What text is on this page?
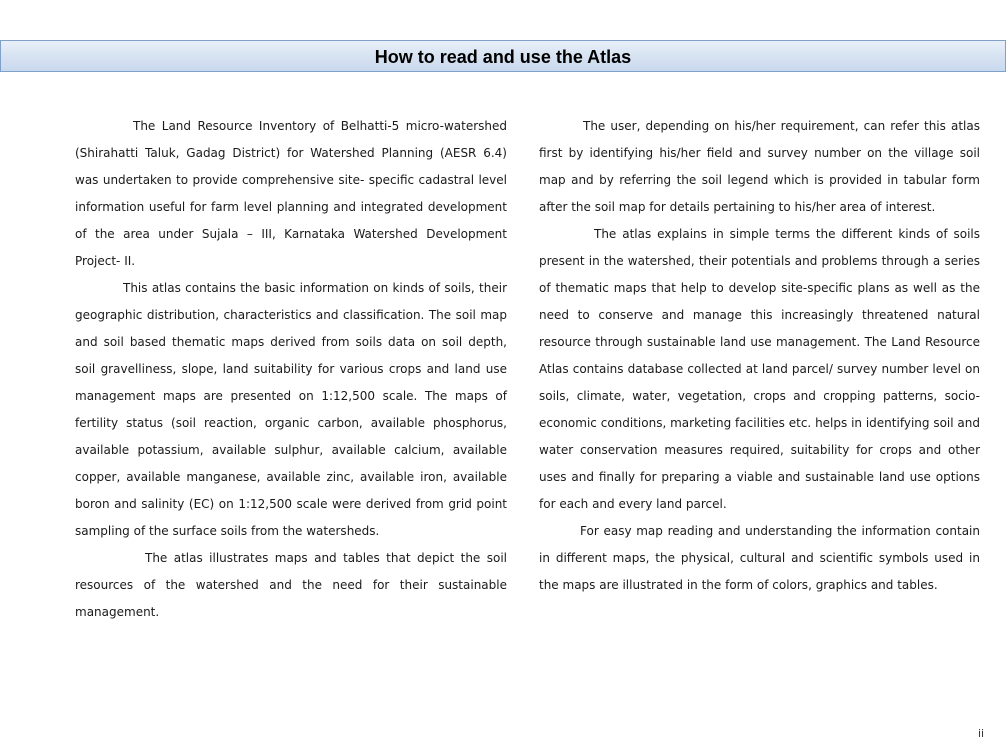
How to read and use the Atlas

The Land Resource Inventory of Belhatti-5 micro-watershed (Shirahatti Taluk, Gadag District) for Watershed Planning (AESR 6.4) was undertaken to provide comprehensive site- specific cadastral level information useful for farm level planning and integrated development of the area under Sujala – III, Karnataka Watershed Development Project- II.

This atlas contains the basic information on kinds of soils, their geographic distribution, characteristics and classification. The soil map and soil based thematic maps derived from soils data on soil depth, soil gravelliness, slope, land suitability for various crops and land use management maps are presented on 1:12,500 scale. The maps of fertility status (soil reaction, organic carbon, available phosphorus, available potassium, available sulphur, available calcium, available copper, available manganese, available zinc, available iron, available boron and salinity (EC) on 1:12,500 scale were derived from grid point sampling of the surface soils from the watersheds.

The atlas illustrates maps and tables that depict the soil resources of the watershed and the need for their sustainable management.

The user, depending on his/her requirement, can refer this atlas first by identifying his/her field and survey number on the village soil map and by referring the soil legend which is provided in tabular form after the soil map for details pertaining to his/her area of interest.

The atlas explains in simple terms the different kinds of soils present in the watershed, their potentials and problems through a series of thematic maps that help to develop site-specific plans as well as the need to conserve and manage this increasingly threatened natural resource through sustainable land use management. The Land Resource Atlas contains database collected at land parcel/ survey number level on soils, climate, water, vegetation, crops and cropping patterns, socio-economic conditions, marketing facilities etc. helps in identifying soil and water conservation measures required, suitability for crops and other uses and finally for preparing a viable and sustainable land use options for each and every land parcel.

For easy map reading and understanding the information contain in different maps, the physical, cultural and scientific symbols used in the maps are illustrated in the form of colors, graphics and tables.

ii
